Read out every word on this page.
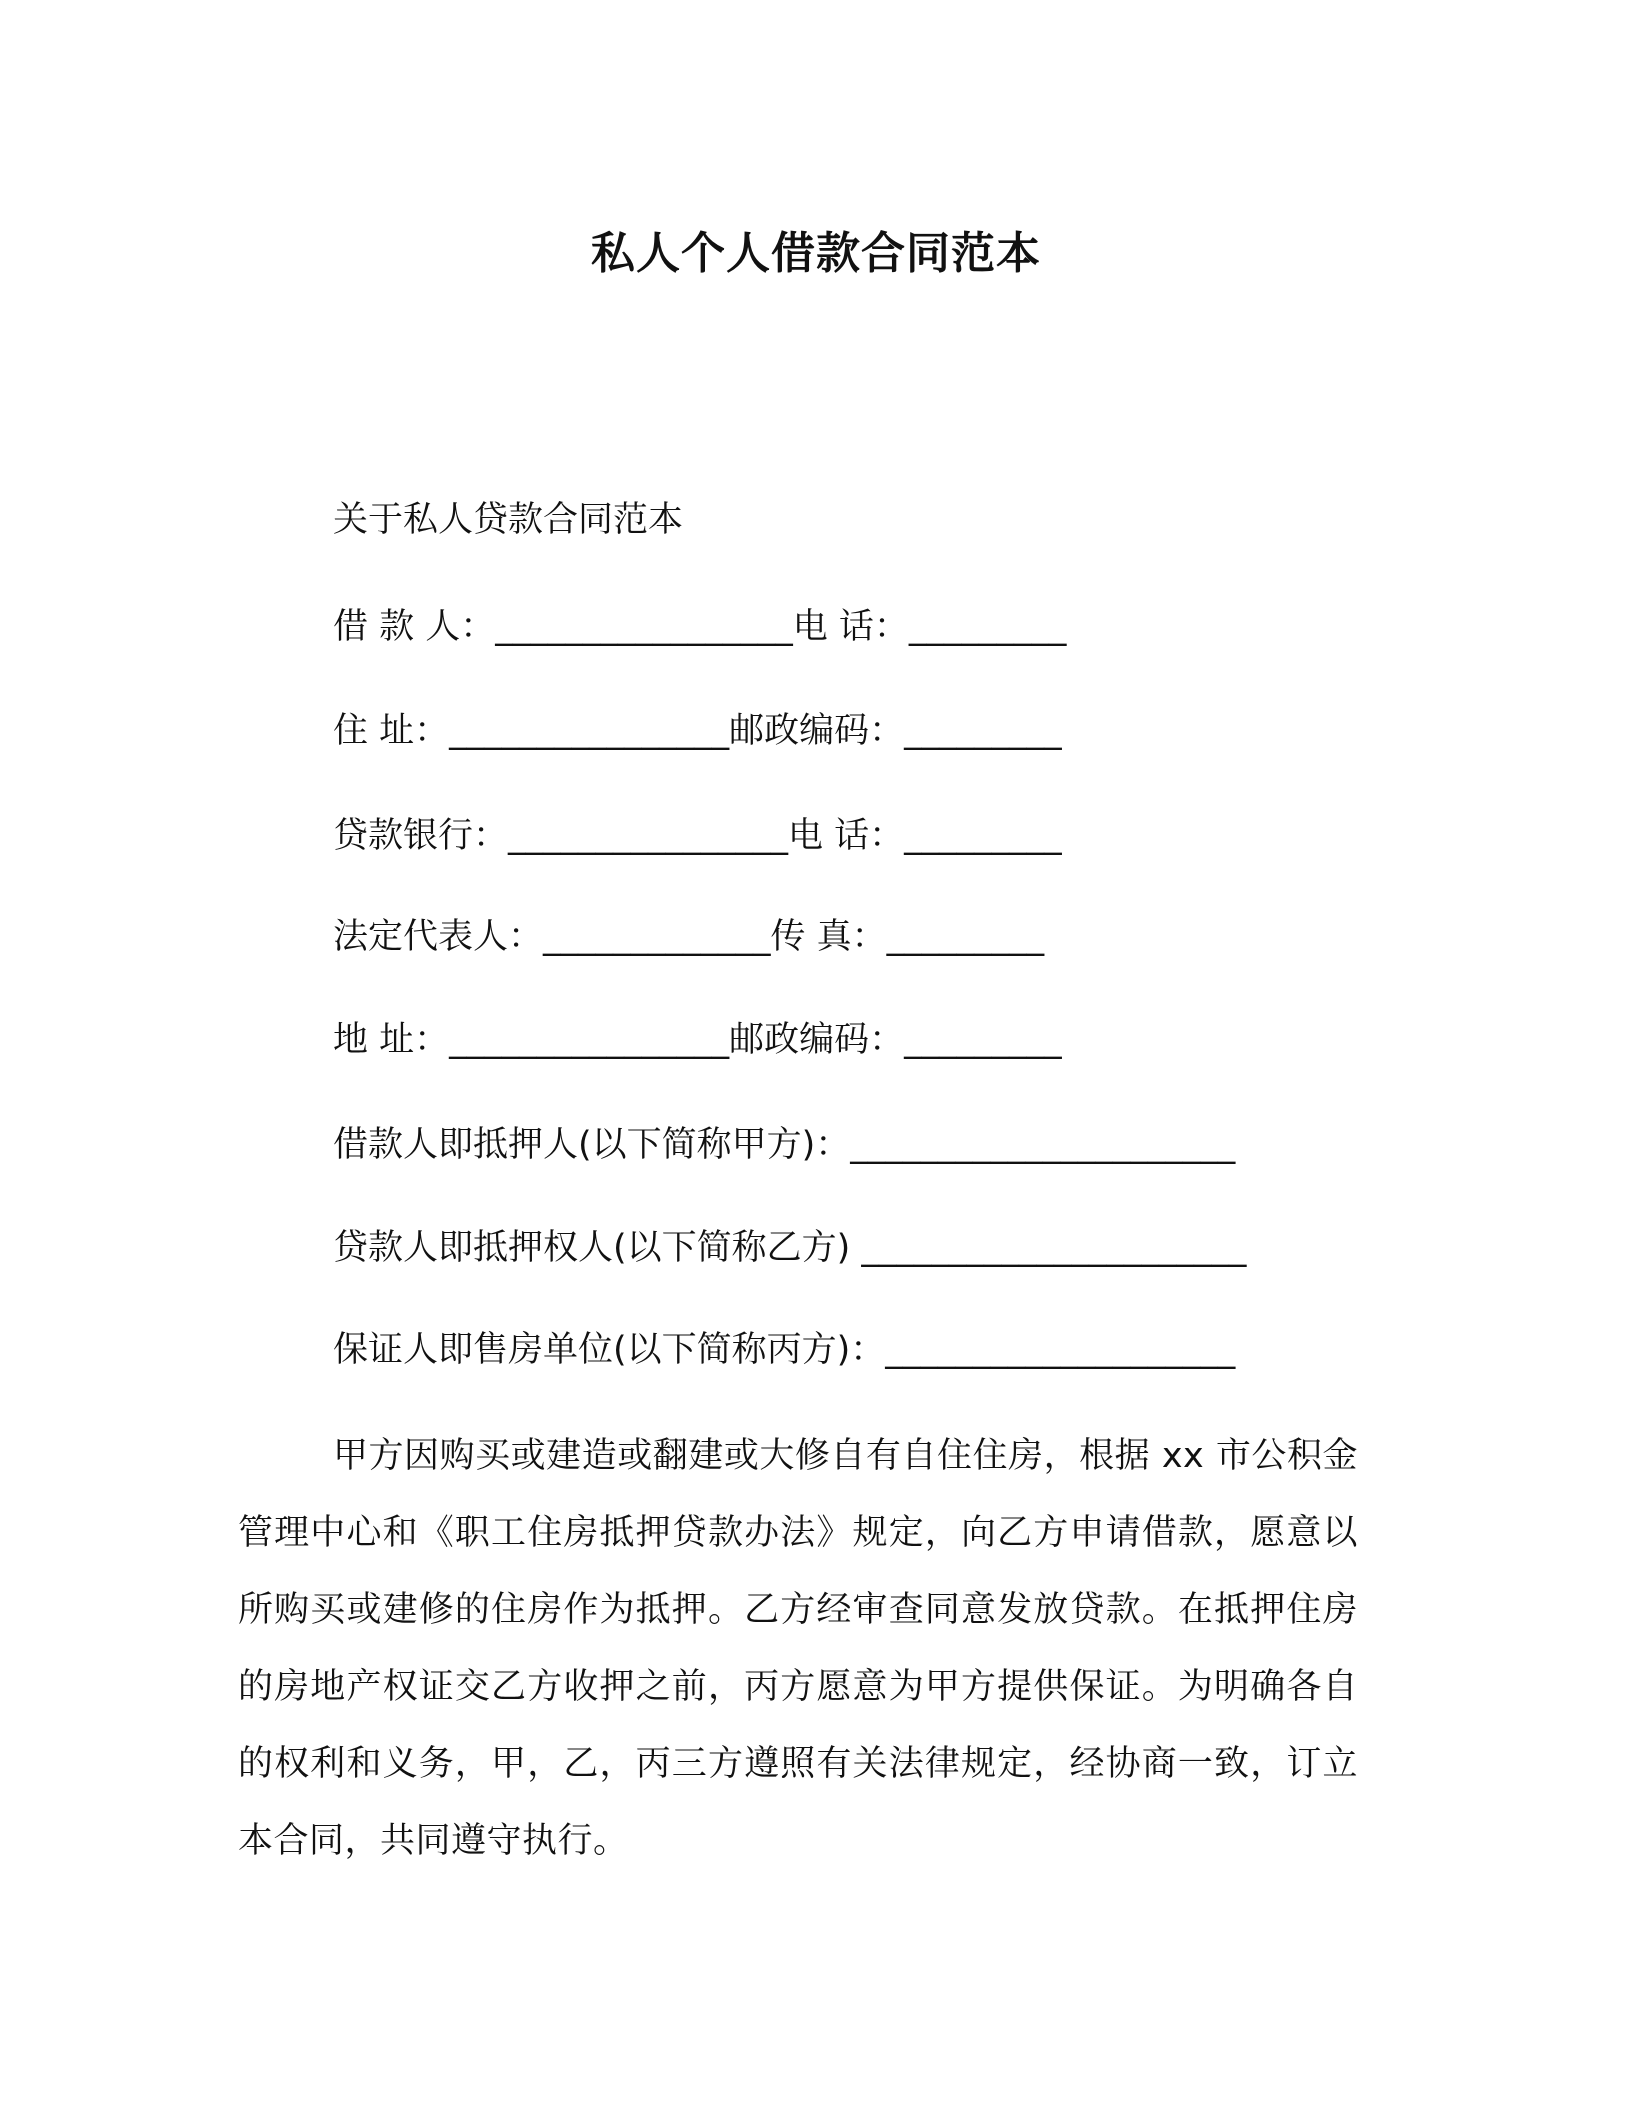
私人个人借款合同范本
关于私人贷款合同范本
借 款 人：_________________电 话：_________
住 址：________________邮政编码：_________
贷款银行：________________电 话：_________
法定代表人：_____________传 真：_________
地 址：________________邮政编码：_________
借款人即抵押人(以下简称甲方)：______________________
贷款人即抵押权人(以下简称乙方) ______________________
保证人即售房单位(以下简称丙方)：____________________
甲方因购买或建造或翻建或大修自有自住住房，根据 xx 市公积金管理中心和《职工住房抵押贷款办法》规定，向乙方申请借款，愿意以所购买或建修的住房作为抵押。乙方经审查同意发放贷款。在抵押住房的房地产权证交乙方收押之前，丙方愿意为甲方提供保证。为明确各自的权利和义务，甲，乙，丙三方遵照有关法律规定，经协商一致，订立本合同，共同遵守执行。
